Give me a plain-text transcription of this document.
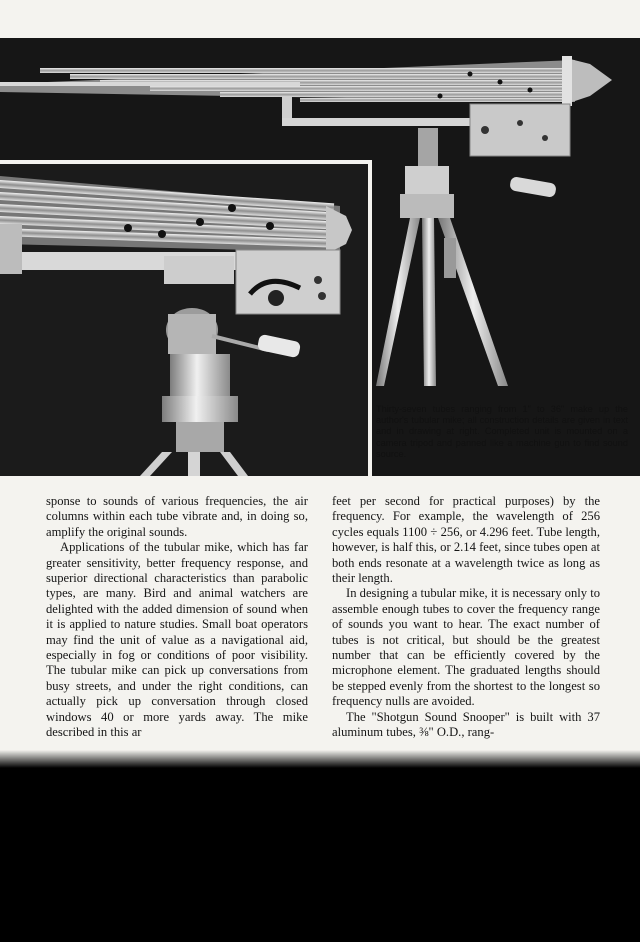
Thirty-seven tubes ranging from 1" to 36" make up the author's tubular mike; all construction details are given in text and in drawing at right. Completed unit is mounted on a camera tripod and panned like a machine gun to find sound source.

sponse to sounds of various frequencies, the air columns within each tube vibrate and, in doing so, amplify the original sounds.

Applications of the tubular mike, which has far greater sensitivity, better frequency response, and superior directional characteristics than parabolic types, are many. Bird and animal watchers are delighted with the added dimension of sound when it is applied to nature studies. Small boat operators may find the unit of value as a navigational aid, especially in fog or conditions of poor visibility. The tubular mike can pick up conversations from busy streets, and under the right conditions, can actually pick up conversation through closed windows 40 or more yards away. The mike described in this ar

feet per second for practical purposes) by the frequency. For example, the wavelength of 256 cycles equals 1100 ÷ 256, or 4.296 feet. Tube length, however, is half this, or 2.14 feet, since tubes open at both ends resonate at a wavelength twice as long as their length.

In designing a tubular mike, it is necessary only to assemble enough tubes to cover the frequency range of sounds you want to hear. The exact number of tubes is not critical, but should be the greatest number that can be efficiently covered by the microphone element. The graduated lengths should be stepped evenly from the shortest to the longest so frequency nulls are avoided.

The "Shotgun Sound Snooper" is built with 37 aluminum tubes, ⅜" O.D., rang-
